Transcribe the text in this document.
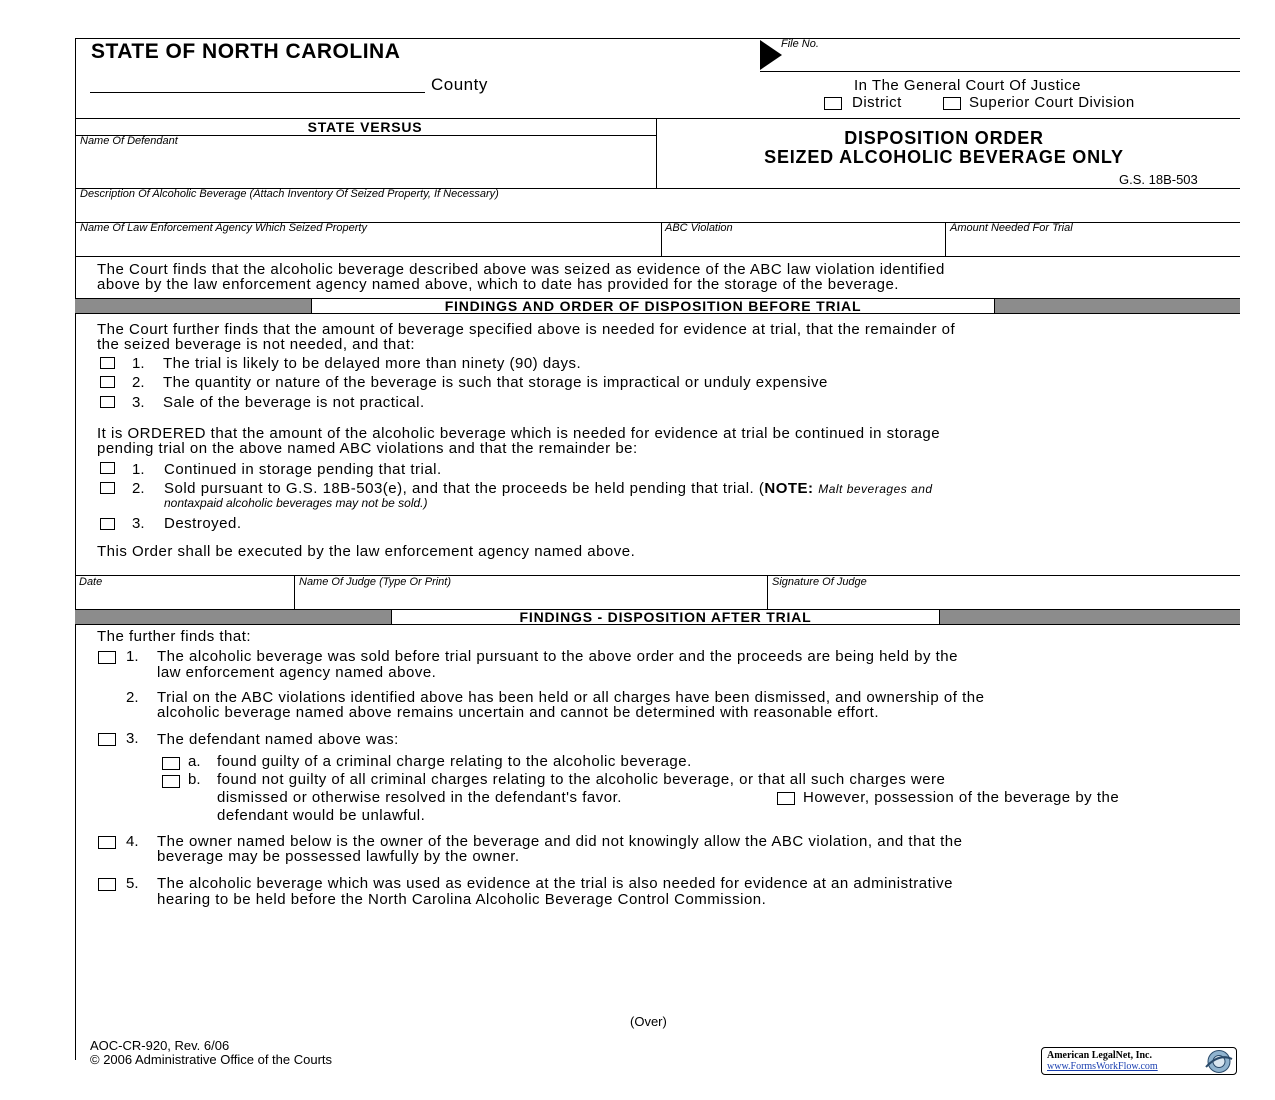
STATE OF NORTH CAROLINA
County
File No.
In The General Court Of Justice
District	Superior Court Division
STATE VERSUS
Name Of Defendant	DISPOSITION ORDER
SEIZED ALCOHOLIC BEVERAGE ONLY
G.S. 18B-503
Description Of Alcoholic Beverage (Attach Inventory Of Seized Property, If Necessary)
Name Of Law Enforcement Agency Which Seized Property	ABC Violation	Amount Needed For Trial
The Court finds that the alcoholic beverage described above was seized as evidence of the ABC law violation identified
above by the law enforcement agency named above, which to date has provided for the storage of the beverage.
FINDINGS AND ORDER OF DISPOSITION BEFORE TRIAL
The Court further finds that the amount of beverage specified above is needed for evidence at trial, that the remainder of
the seized beverage is not needed, and that:
1. The trial is likely to be delayed more than ninety (90) days.
2. The quantity or nature of the beverage is such that storage is impractical or unduly expensive
3. Sale of the beverage is not practical.
It is ORDERED that the amount of the alcoholic beverage which is needed for evidence at trial be continued in storage
pending trial on the above named ABC violations and that the remainder be:
1. Continued in storage pending that trial.
2. Sold pursuant to G.S. 18B-503(e), and that the proceeds be held pending that trial. (NOTE: Malt beverages and
nontaxpaid alcoholic beverages may not be sold.)
3. Destroyed.
This Order shall be executed by the law enforcement agency named above.
Date	Name Of Judge (Type Or Print)	Signature Of Judge
FINDINGS - DISPOSITION AFTER TRIAL
The further finds that:
1. The alcoholic beverage was sold before trial pursuant to the above order and the proceeds are being held by the
law enforcement agency named above.
2. Trial on the ABC violations identified above has been held or all charges have been dismissed, and ownership of the
alcoholic beverage named above remains uncertain and cannot be determined with reasonable effort.
3. The defendant named above was:
a. found guilty of a criminal charge relating to the alcoholic beverage.
b. found not guilty of all criminal charges relating to the alcoholic beverage, or that all such charges were
dismissed or otherwise resolved in the defendant's favor.	However, possession of the beverage by the
defendant would be unlawful.
4. The owner named below is the owner of the beverage and did not knowingly allow the ABC violation, and that the
beverage may be possessed lawfully by the owner.
5. The alcoholic beverage which was used as evidence at the trial is also needed for evidence at an administrative
hearing to be held before the North Carolina Alcoholic Beverage Control Commission.
(Over)
AOC-CR-920, Rev. 6/06
© 2006 Administrative Office of the Courts	American LegalNet, Inc.
www.FormsWorkFlow.com
